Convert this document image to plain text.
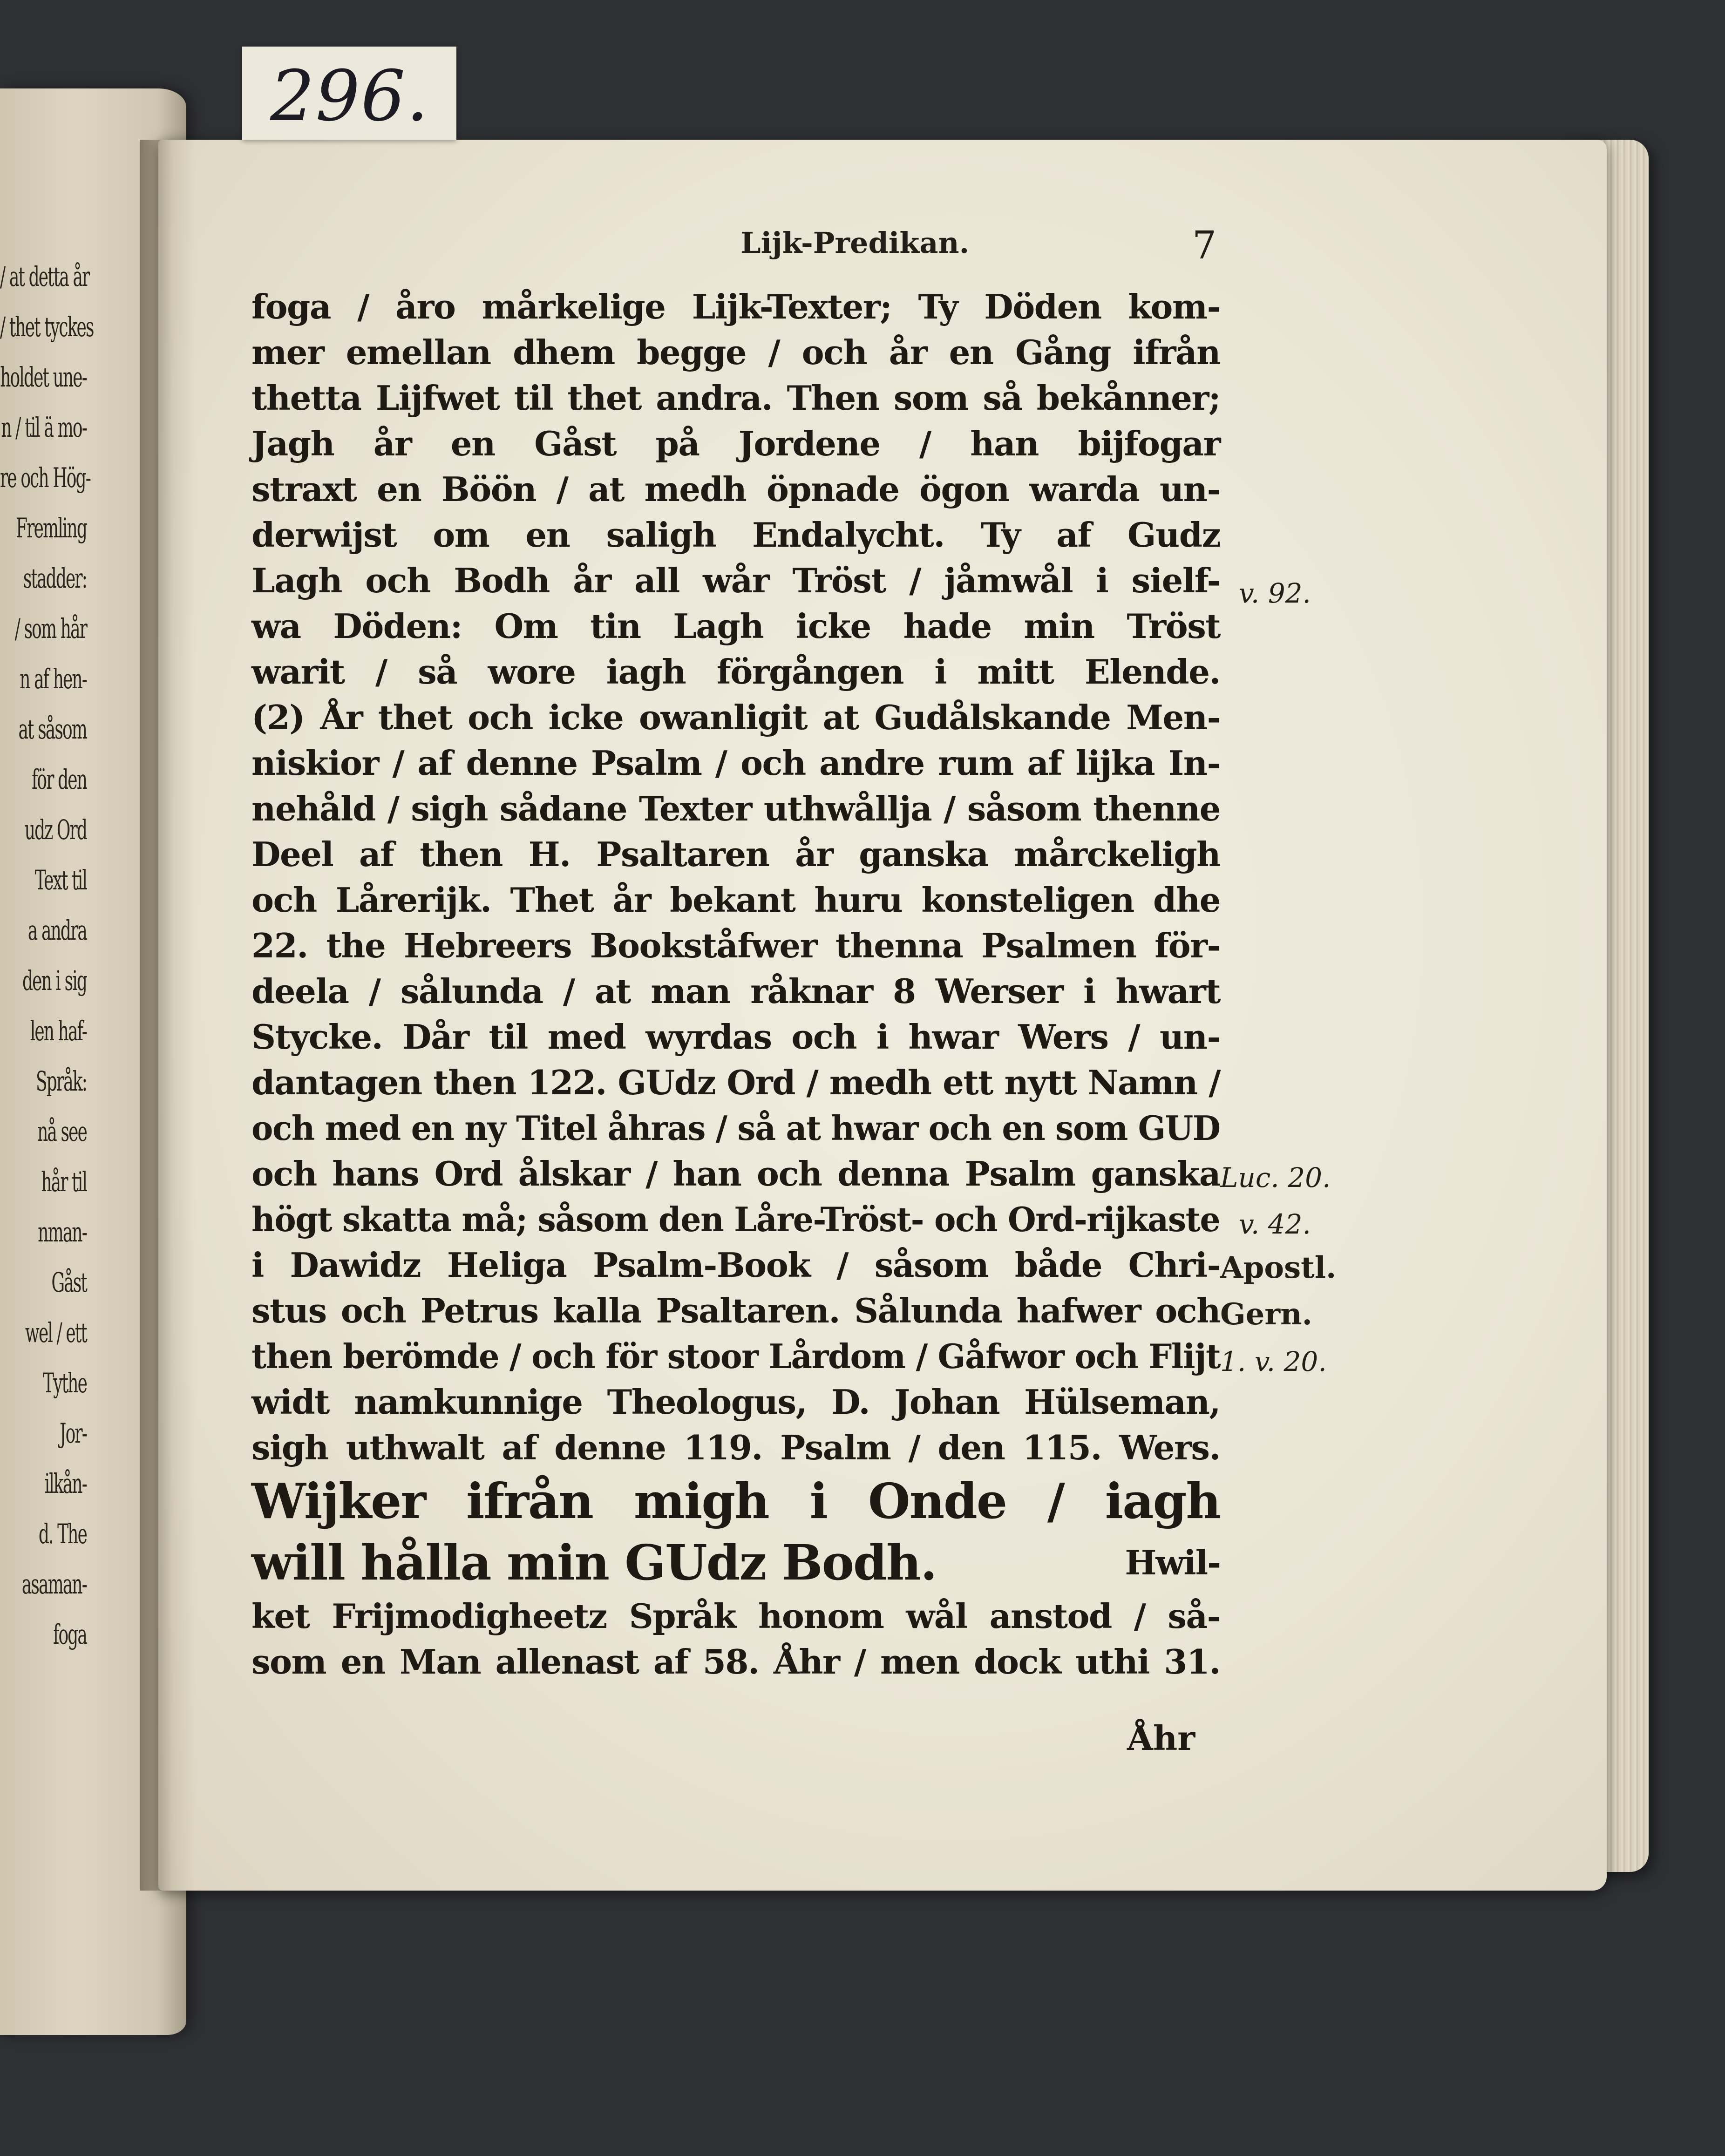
/ at detta år
/ thet tyckes
holdet une-
n / til ä mo-
re och Hög-
Fremling
stadder:
/ som hår
n af hen-
at såsom
för den
udz Ord
Text til
a andra
den i sig
len haf-
Språk:
nå see
hår til
nman-
Gåst
wel / ett
Tythe
Jor-
ilkån-
d. The
asaman-
foga
296.
Lijk-Predikan.	7
foga / åro mårkelige Lijk-Texter; Ty Döden kom-
mer emellan dhem begge / och år en Gång ifrån
thetta Lijfwet til thet andra. Then som så bekånner;
Jagh år en Gåst på Jordene / han bijfogar
straxt en Böön / at medh öpnade ögon warda un-
derwijst om en saligh Endalycht. Ty af Gudz
Lagh och Bodh år all wår Tröst / jåmwål i sielf-
wa Döden: Om tin Lagh icke hade min Tröst
warit / så wore iagh förgången i mitt Elende.
(2) År thet och icke owanligit at Gudålskande Men-
niskior / af denne Psalm / och andre rum af lijka In-
nehåld / sigh sådane Texter uthwållja / såsom thenne
Deel af then H. Psaltaren år ganska mårckeligh
och Lårerijk. Thet år bekant huru konsteligen dhe
22. the Hebreers Bookståfwer thenna Psalmen för-
deela / sålunda / at man råknar 8 Werser i hwart
Stycke. Dår til med wyrdas och i hwar Wers / un-
dantagen then 122. GUdz Ord / medh ett nytt Namn /
och med en ny Titel åhras / så at hwar och en som GUD
och hans Ord ålskar / han och denna Psalm ganska
högt skatta må; såsom den Låre-Tröst- och Ord-rijkaste
i Dawidz Heliga Psalm-Book / såsom både Chri-
stus och Petrus kalla Psaltaren. Sålunda hafwer och
then berömde / och för stoor Lårdom / Gåfwor och Flijt
widt namkunnige Theologus, D. Johan Hülseman,
sigh uthwalt af denne 119. Psalm / den 115. Wers.
Wijker ifrån migh i Onde / iagh
will hålla min GUdz Bodh.	Hwil-
ket Frijmodigheetz Språk honom wål anstod / så-
som en Man allenast af 58. Åhr / men dock uthi 31.
Åhr
v. 92.
Luc. 20.
v. 42.
Apostl.
Gern.
1. v. 20.
